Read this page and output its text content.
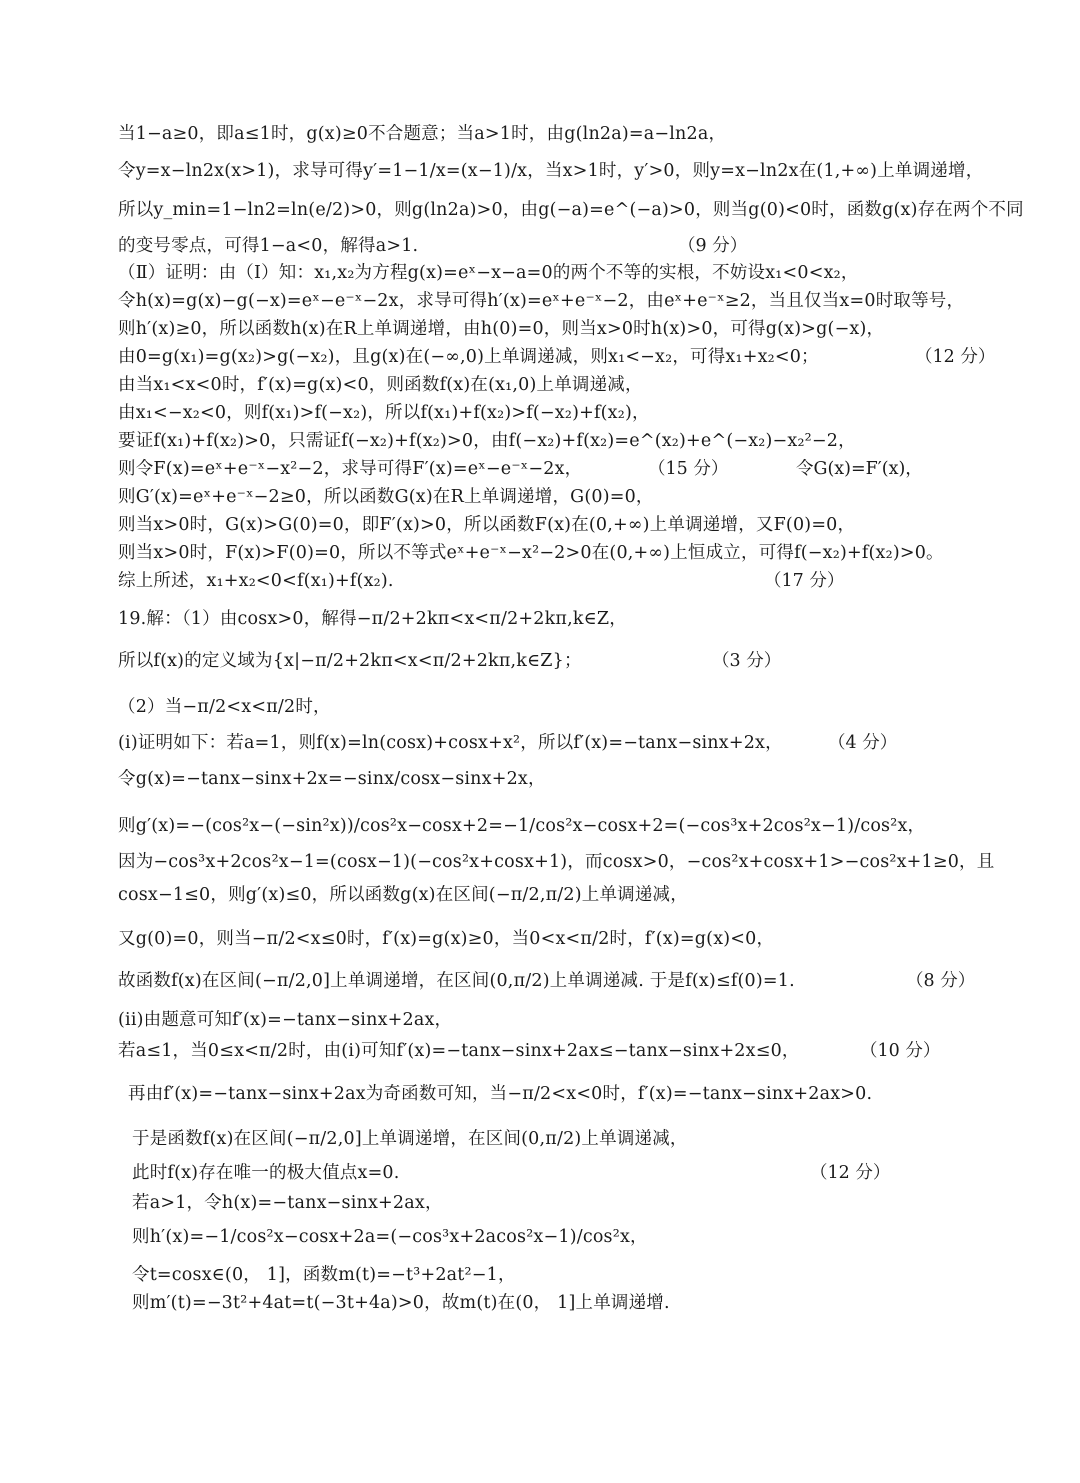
当1−a≥0，即a≤1时，g(x)≥0不合题意；当a>1时，由g(ln2a)=a−ln2a，
令y=x−ln2x(x>1)，求导可得y′=1−1/x=(x−1)/x，当x>1时，y′>0，则y=x−ln2x在(1,+∞)上单调递增，
所以y_min=1−ln2=ln(e/2)>0，则g(ln2a)>0，由g(−a)=e^(−a)>0，则当g(0)<0时，函数g(x)存在两个不同
的变号零点，可得1−a<0，解得a>1.	（9 分）
（Ⅱ）证明：由（Ⅰ）知：x₁,x₂为方程g(x)=eˣ−x−a=0的两个不等的实根，不妨设x₁<0<x₂，
令h(x)=g(x)−g(−x)=eˣ−e⁻ˣ−2x，求导可得h′(x)=eˣ+e⁻ˣ−2，由eˣ+e⁻ˣ≥2，当且仅当x=0时取等号，
则h′(x)≥0，所以函数h(x)在R上单调递增，由h(0)=0，则当x>0时h(x)>0，可得g(x)>g(−x)，
由0=g(x₁)=g(x₂)>g(−x₂)，且g(x)在(−∞,0)上单调递减，则x₁<−x₂，可得x₁+x₂<0；	（12 分）
由当x₁<x<0时，f′(x)=g(x)<0，则函数f(x)在(x₁,0)上单调递减，
由x₁<−x₂<0，则f(x₁)>f(−x₂)，所以f(x₁)+f(x₂)>f(−x₂)+f(x₂)，
要证f(x₁)+f(x₂)>0，只需证f(−x₂)+f(x₂)>0，由f(−x₂)+f(x₂)=e^(x₂)+e^(−x₂)−x₂²−2，
则令F(x)=eˣ+e⁻ˣ−x²−2，求导可得F′(x)=eˣ−e⁻ˣ−2x，	（15 分）	令G(x)=F′(x)，
则G′(x)=eˣ+e⁻ˣ−2≥0，所以函数G(x)在R上单调递增，G(0)=0，
则当x>0时，G(x)>G(0)=0，即F′(x)>0，所以函数F(x)在(0,+∞)上单调递增，又F(0)=0，
则当x>0时，F(x)>F(0)=0，所以不等式eˣ+e⁻ˣ−x²−2>0在(0,+∞)上恒成立，可得f(−x₂)+f(x₂)>0。
综上所述，x₁+x₂<0<f(x₁)+f(x₂).	（17 分）
19.解：（1）由cosx>0，解得−π/2+2kπ<x<π/2+2kπ,k∈Z，
所以f(x)的定义域为{x|−π/2+2kπ<x<π/2+2kπ,k∈Z}；	（3 分）
（2）当−π/2<x<π/2时，
(i)证明如下：若a=1，则f(x)=ln(cosx)+cosx+x²，所以f′(x)=−tanx−sinx+2x，	（4 分）
令g(x)=−tanx−sinx+2x=−sinx/cosx−sinx+2x，
则g′(x)=−(cos²x−(−sin²x))/cos²x−cosx+2=−1/cos²x−cosx+2=(−cos³x+2cos²x−1)/cos²x，
因为−cos³x+2cos²x−1=(cosx−1)(−cos²x+cosx+1)，而cosx>0，−cos²x+cosx+1>−cos²x+1≥0，且
cosx−1≤0，则g′(x)≤0，所以函数g(x)在区间(−π/2,π/2)上单调递减，
又g(0)=0，则当−π/2<x≤0时，f′(x)=g(x)≥0，当0<x<π/2时，f′(x)=g(x)<0，
故函数f(x)在区间(−π/2,0]上单调递增，在区间(0,π/2)上单调递减. 于是f(x)≤f(0)=1.	（8 分）
(ii)由题意可知f′(x)=−tanx−sinx+2ax，
若a≤1，当0≤x<π/2时，由(i)可知f′(x)=−tanx−sinx+2ax≤−tanx−sinx+2x≤0，	（10 分）
再由f′(x)=−tanx−sinx+2ax为奇函数可知，当−π/2<x<0时，f′(x)=−tanx−sinx+2ax>0.
于是函数f(x)在区间(−π/2,0]上单调递增，在区间(0,π/2)上单调递减，
此时f(x)存在唯一的极大值点x=0.	（12 分）
若a>1，令h(x)=−tanx−sinx+2ax，
则h′(x)=−1/cos²x−cosx+2a=(−cos³x+2acos²x−1)/cos²x，
令t=cosx∈(0， 1]，函数m(t)=−t³+2at²−1，
则m′(t)=−3t²+4at=t(−3t+4a)>0，故m(t)在(0， 1]上单调递增.
